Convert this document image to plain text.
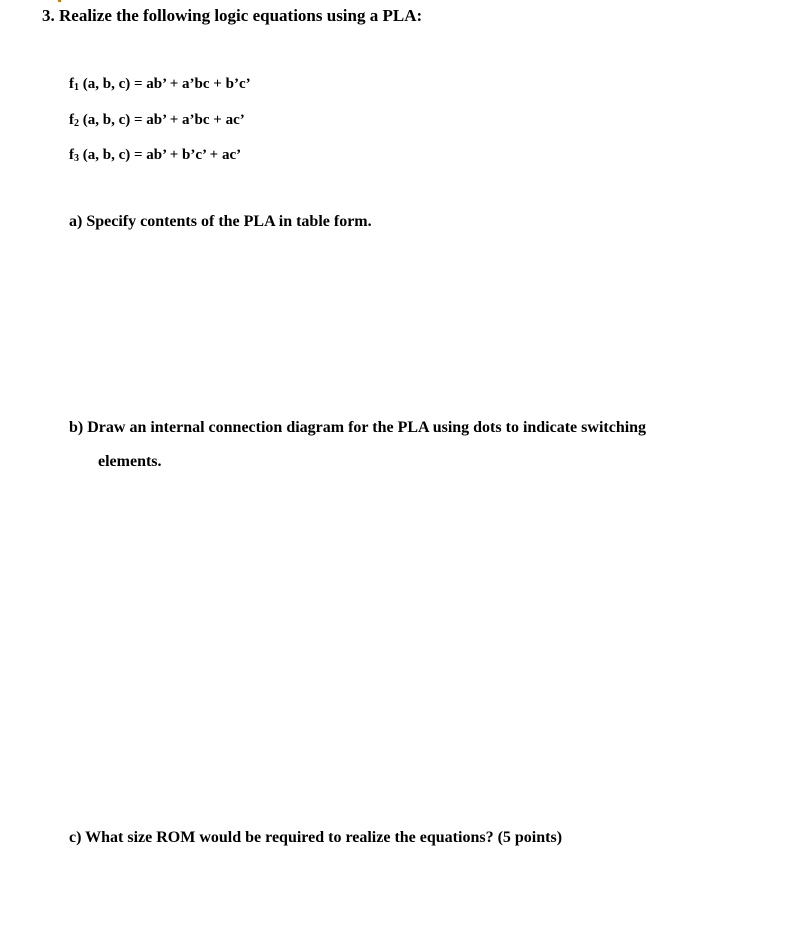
3. Realize the following logic equations using a PLA:
$f_1$ (a, b, c) = ab’ + a’bc + b’c’
$f_2$ (a, b, c) = ab’ + a’bc + ac’
$f_3$ (a, b, c) = ab’ + b’c’ + ac’
a) Specify contents of the PLA in table form.
b) Draw an internal connection diagram for the PLA using dots to indicate switching
elements.
c) What size ROM would be required to realize the equations? (5 points)
